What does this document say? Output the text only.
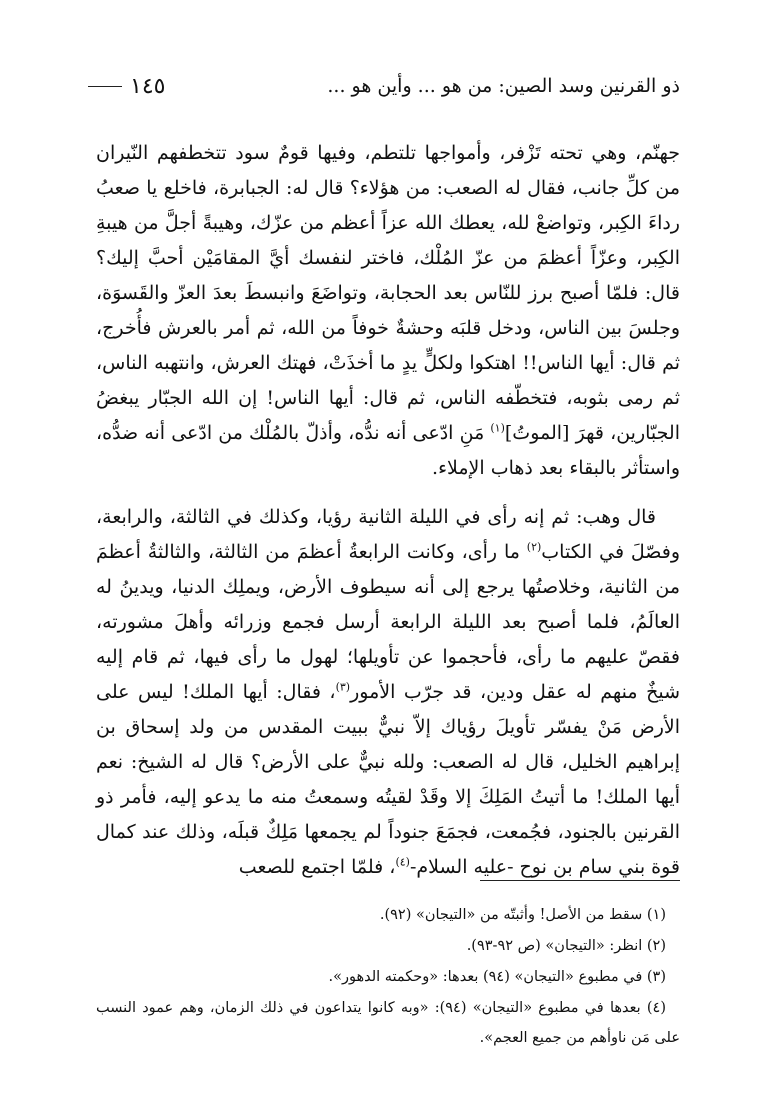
ذو القرنين وسد الصين: من هو ... وأين هو ...
١٤٥

جهنّم، وهي تحته تَزْفر، وأمواجها تلتطم، وفيها قومٌ سود تتخطفهم النّيران من كلِّ جانب، فقال له الصعب: من هؤلاء؟ قال له: الجبابرة، فاخلع يا صعبُ رداءَ الكِبر، وتواضعْ لله، يعطك الله عزاً أعظم من عزّك، وهيبةً أجلَّ من هيبةِ الكِبر، وعزّاً أعظمَ من عزّ المُلْك، فاختر لنفسك أيَّ المقامَيْن أحبَّ إليك؟ قال: فلمّا أصبح برز للنّاس بعد الحجابة، وتواضَعَ وانبسطَ بعدَ العزّ والقَسوَة، وجلسَ بين الناس، ودخل قلبَه وحشةٌ خوفاً من الله، ثم أمر بالعرش فأُخرج، ثم قال: أيها الناس!! اهتكوا ولكلٍّ يدٍ ما أخذَتْ، فهتك العرش، وانتهبه الناس، ثم رمى بثوبه، فتخطّفه الناس، ثم قال: أيها الناس! إن الله الجبّار يبغضُ الجبّارين، قهرَ [الموتُ]$^{(١)}$ مَنِ ادّعى أنه ندُّه، وأذلّ بالمُلْك من ادّعى أنه ضدُّه، واستأثر بالبقاء بعد ذهاب الإملاء.

قال وهب: ثم إنه رأى في الليلة الثانية رؤيا، وكذلك في الثالثة، والرابعة، وفصّلَ في الكتاب$^{(٢)}$ ما رأى، وكانت الرابعةُ أعظمَ من الثالثة، والثالثةُ أعظمَ من الثانية، وخلاصتُها يرجع إلى أنه سيطوف الأرض، ويملِك الدنيا، ويدينُ له العالَمُ، فلما أصبح بعد الليلة الرابعة أرسل فجمع وزرائه وأهلَ مشورته، فقصّ عليهم ما رأى، فأحجموا عن تأويلها؛ لهول ما رأى فيها، ثم قام إليه شيخٌ منهم له عقل ودين، قد جرّب الأمور$^{(٣)}$، فقال: أيها الملك! ليس على الأرض مَنْ يفسّر تأويلَ رؤياك إلاّ نبيٌّ ببيت المقدس من ولد إسحاق بن إبراهيم الخليل، قال له الصعب: ولله نبيٌّ على الأرض؟ قال له الشيخ: نعم أيها الملك! ما أتيتُ المَلِكَ إلا وقَدْ لقيتُه وسمعتُ منه ما يدعو إليه، فأمر ذو القرنين بالجنود، فجُمعت، فجمَعَ جنوداً لم يجمعها مَلِكٌ قبلَه، وذلك عند كمال قوة بني سام بن نوح -عليه السلام-$^{(٤)}$، فلمّا اجتمع للصعب

(١) سقط من الأصل! وأثبتّه من «التيجان» (٩٢).

(٢) انظر: «التيجان» (ص ٩٢-٩٣).

(٣) في مطبوع «التيجان» (٩٤) بعدها: «وحكمته الدهور».

(٤) بعدها في مطبوع «التيجان» (٩٤): «وبه كانوا يتداعون في ذلك الزمان، وهم عمود النسب على مَن ناوأهم من جميع العجم».
